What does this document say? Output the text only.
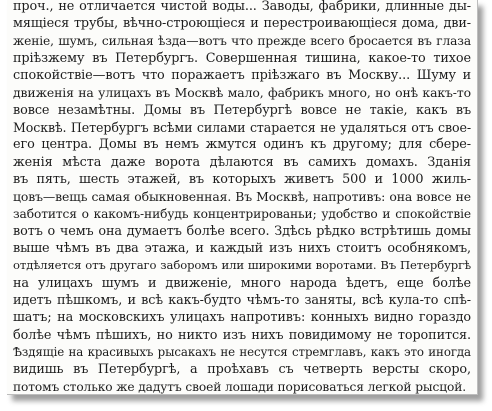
проч., не отличается чистой воды... Заводы, фабрики, длинные ды-
мящіеся трубы, вѣчно-строющіеся и перестроивающіеся дома, дви-
женіе, шумъ, сильная ѣзда—вотъ что прежде всего бросается въ глаза
пріѣзжему въ Петербургъ. Совершенная тишина, какое-то тихое
спокойствіе—вотъ что поражаетъ пріѣзжаго въ Москву... Шуму и
движенія на улицахъ въ Москвѣ мало, фабрикъ много, но онѣ какъ-то
вовсе незамѣтны. Домы въ Петербургѣ вовсе не такіе, какъ въ
Москвѣ. Петербургъ всѣми силами старается не удаляться отъ свое-
его центра. Домы въ немъ жмутся одинъ къ другому; для сбере-
женія мѣста даже ворота дѣлаются въ самихъ домахъ. Зданія
въ пять, шесть этажей, въ которыхъ живетъ 500 и 1000 жиль-
цовъ—вещь самая обыкновенная. Въ Москвѣ, напротивъ: она вовсе не
заботится о какомъ-нибудь концентрированьи; удобство и спокойствіе
вотъ о чемъ она думаетъ болѣе всего. Здѣсь рѣдко встрѣтишь домы
выше чѣмъ въ два этажа, и каждый изъ нихъ стоитъ особнякомъ,
отдѣляется отъ другаго заборомъ или широкими воротами. Въ Петербургѣ
на улицахъ шумъ и движеніе, много народа ѣдетъ, еще болѣе
идетъ пѣшкомъ, и всѣ какъ-будто чѣмъ-то заняты, всѣ кула-то спѣ-
шатъ; на московскихъ улицахъ напротивъ: конныхъ видно гораздо
болѣе чѣмъ пѣшихъ, но никто изъ нихъ повидимому не торопится.
Ѣздящіе на красивыхъ рысакахъ не несутся стремглавъ, какъ это иногда
видишь въ Петербургѣ, а проѣхавъ съ четверть версты скоро,
потомъ столько же дадутъ своей лошади порисоваться легкой рысцой.
